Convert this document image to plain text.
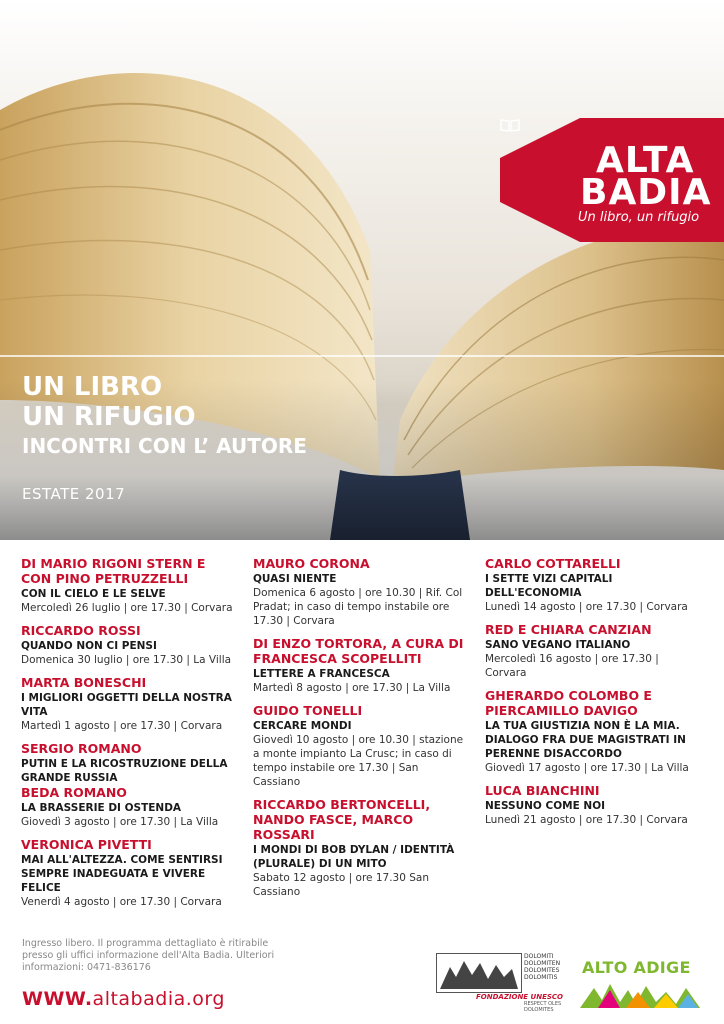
ALTA
BADIA
Un libro, un rifugio
UN LIBRO
UN RIFUGIO
INCONTRI CON L’ AUTORE
ESTATE 2017
DI MARIO RIGONI STERN E CON PINO PETRUZZELLI
CON IL CIELO E LE SELVE
Mercoledì 26 luglio | ore 17.30 | Corvara
RICCARDO ROSSI
QUANDO NON CI PENSI
Domenica 30 luglio | ore 17.30 | La Villa
MARTA BONESCHI
I MIGLIORI OGGETTI DELLA NOSTRA VITA
Martedì 1 agosto | ore 17.30 | Corvara
SERGIO ROMANO
PUTIN E LA RICOSTRUZIONE DELLA GRANDE RUSSIA
BEDA ROMANO
LA BRASSERIE DI OSTENDA
Giovedì 3 agosto | ore 17.30 | La Villa
VERONICA PIVETTI
MAI ALL'ALTEZZA. COME SENTIRSI SEMPRE INADEGUATA E VIVERE FELICE
Venerdì 4 agosto | ore 17.30 | Corvara
MAURO CORONA
QUASI NIENTE
Domenica 6 agosto | ore 10.30 | Rif. Col Pradat; in caso di tempo instabile ore 17.30 | Corvara
DI ENZO TORTORA, A CURA DI FRANCESCA SCOPELLITI
LETTERE A FRANCESCA
Martedì 8 agosto | ore 17.30 | La Villa
GUIDO TONELLI
CERCARE MONDI
Giovedì 10 agosto | ore 10.30 | stazione a monte impianto La Crusc; in caso di tempo instabile ore 17.30 | San Cassiano
RICCARDO BERTONCELLI, NANDO FASCE, MARCO ROSSARI
I MONDI DI BOB DYLAN / IDENTITÀ (PLURALE) DI UN MITO
Sabato 12 agosto | ore 17.30 San Cassiano
CARLO COTTARELLI
I SETTE VIZI CAPITALI DELL'ECONOMIA
Lunedì 14 agosto | ore 17.30 | Corvara
RED E CHIARA CANZIAN
SANO VEGANO ITALIANO
Mercoledì 16 agosto | ore 17.30 | Corvara
GHERARDO COLOMBO E PIERCAMILLO DAVIGO
LA TUA GIUSTIZIA NON È LA MIA. DIALOGO FRA DUE MAGISTRATI IN PERENNE DISACCORDO
Giovedì 17 agosto | ore 17.30 | La Villa
LUCA BIANCHINI
NESSUNO COME NOI
Lunedì 21 agosto | ore 17.30 | Corvara
Ingresso libero. Il programma dettagliato è ritirabile presso gli uffici informazione dell'Alta Badia. Ulteriori informazioni: 0471-836176
WWW.altabadia.org
DOLOMITI DOLOMITEN DOLOMITES DOLOMITIS
FONDAZIONE UNESCO
RESPECT OLES DOLOMITES
ALTO ADIGE
